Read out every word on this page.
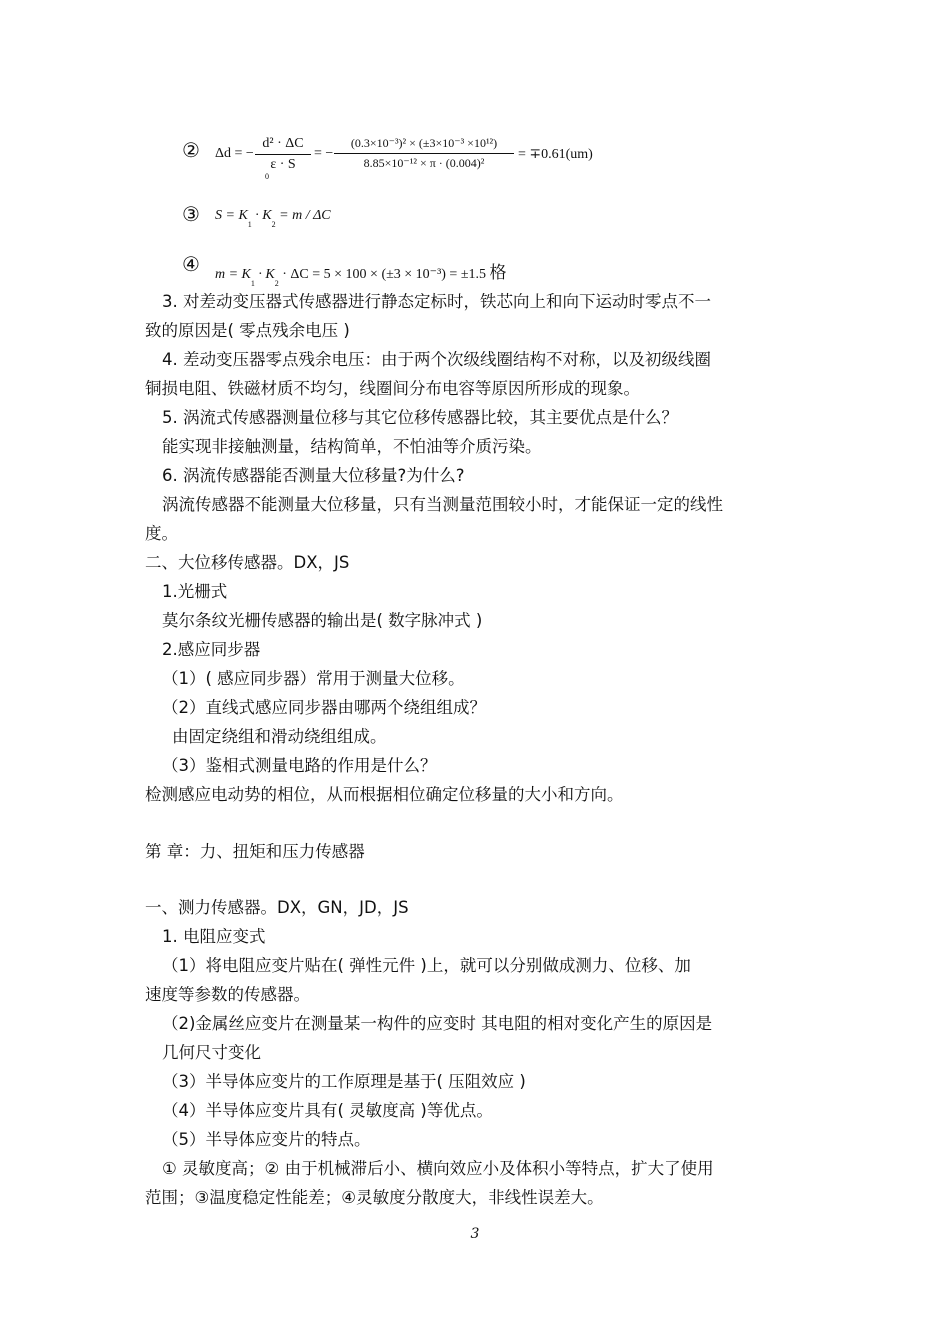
② Δd = −
d² · ΔC
ε · S
0
= −
(0.3×10⁻³)² × (±3×10⁻³ ×10¹²)
8.85×10⁻¹² × π · (0.004)²
= ∓0.61(um)
③ $S = K_1 \cdot K_2 = m / \Delta C$
④ $m = K_1 \cdot K_2 \cdot \Delta C = 5 \times 100 \times (\pm 3 \times 10^{-3}) = \pm 1.5$ 格
3. 对差动变压器式传感器进行静态定标时，铁芯向上和向下运动时零点不一
致的原因是( 零点残余电压 )
4. 差动变压器零点残余电压：由于两个次级线圈结构不对称，以及初级线圈
铜损电阻、铁磁材质不均匀，线圈间分布电容等原因所形成的现象。
5. 涡流式传感器测量位移与其它位移传感器比较，其主要优点是什么？
能实现非接触测量，结构简单，不怕油等介质污染。
6. 涡流传感器能否测量大位移量?为什么?
涡流传感器不能测量大位移量，只有当测量范围较小时，才能保证一定的线性
度。
二、大位移传感器。DX，JS
1.光栅式
莫尔条纹光栅传感器的输出是( 数字脉冲式 )
2.感应同步器
（1）( 感应同步器）常用于测量大位移。
（2）直线式感应同步器由哪两个绕组组成？
由固定绕组和滑动绕组组成。
（3）鉴相式测量电路的作用是什么？
检测感应电动势的相位，从而根据相位确定位移量的大小和方向。
第 章：力、扭矩和压力传感器
一、测力传感器。DX，GN，JD，JS
1. 电阻应变式
（1）将电阻应变片贴在( 弹性元件 )上，就可以分别做成测力、位移、加
速度等参数的传感器。
（2)金属丝应变片在测量某一构件的应变时 其电阻的相对变化产生的原因是
几何尺寸变化
（3）半导体应变片的工作原理是基于( 压阻效应 )
（4）半导体应变片具有( 灵敏度高 )等优点。
（5）半导体应变片的特点。
① 灵敏度高；② 由于机械滞后小、横向效应小及体积小等特点，扩大了使用
范围；③温度稳定性能差；④灵敏度分散度大，非线性误差大。
3
